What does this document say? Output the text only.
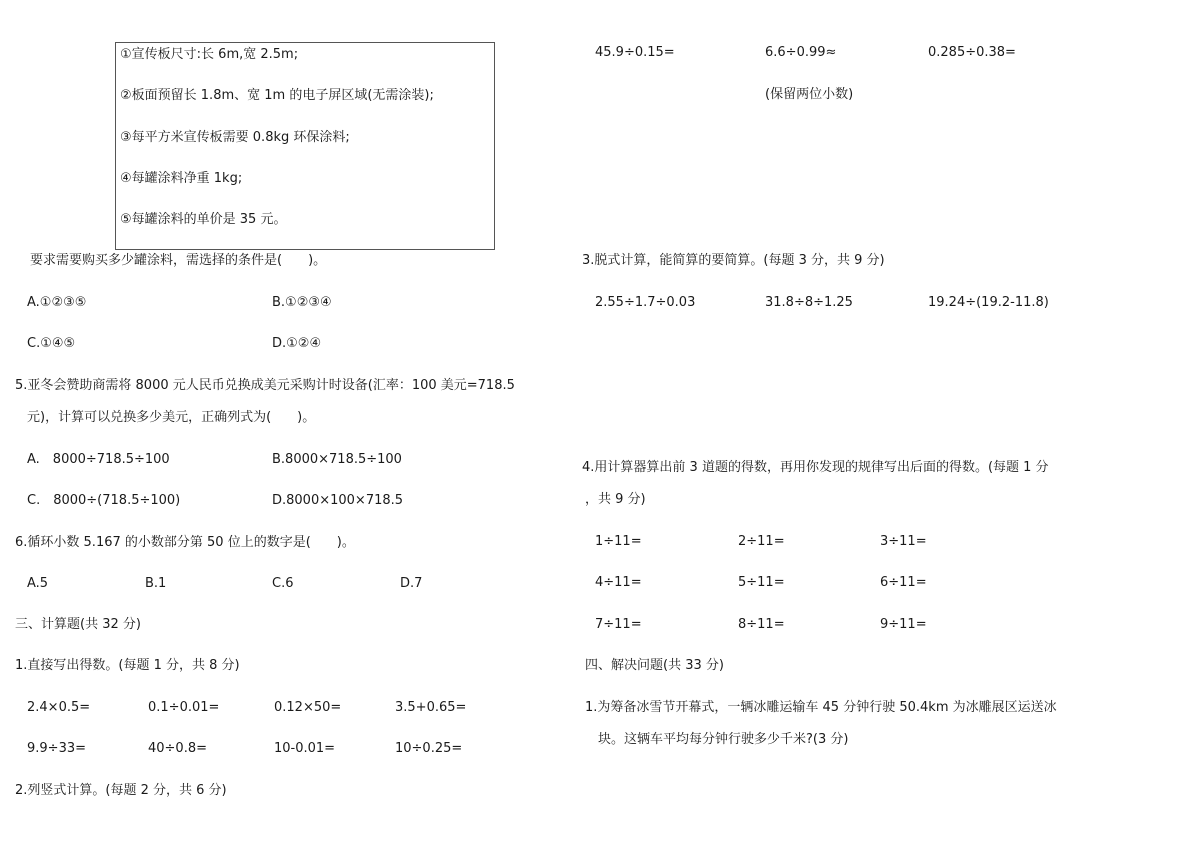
①宣传板尺寸:长 6m,宽 2.5m;
②板面预留长 1.8m、宽 1m 的电子屏区域(无需涂装);
③每平方米宣传板需要 0.8kg 环保涂料;
④每罐涂料净重 1kg;
⑤每罐涂料的单价是 35 元。
要求需要购买多少罐涂料，需选择的条件是(　　)。
A.①②③⑤	B.①②③④
C.①④⑤	D.①②④
5.亚冬会赞助商需将 8000 元人民币兑换成美元采购计时设备(汇率：100 美元=718.5
元)，计算可以兑换多少美元，正确列式为(　　)。
A.　8000÷718.5÷100	B.8000×718.5÷100
C.　8000÷(718.5÷100)	D.8000×100×718.5
6.循环小数 5.167 的小数部分第 50 位上的数字是(　　)。
A.5	B.1	C.6	D.7
三、计算题(共 32 分)
1.直接写出得数。(每题 1 分，共 8 分)
2.4×0.5=	0.1÷0.01=	0.12×50=	3.5+0.65=
9.9÷33=	40÷0.8=	10-0.01=	10÷0.25=
2.列竖式计算。(每题 2 分，共 6 分)
45.9÷0.15=	6.6÷0.99≈	0.285÷0.38=
(保留两位小数)
3.脱式计算，能简算的要简算。(每题 3 分，共 9 分)
2.55÷1.7÷0.03	31.8÷8÷1.25	19.24÷(19.2-11.8)
4.用计算器算出前 3 道题的得数，再用你发现的规律写出后面的得数。(每题 1 分
，共 9 分)
1÷11=	2÷11=	3÷11=
4÷11=	5÷11=	6÷11=
7÷11=	8÷11=	9÷11=
四、解决问题(共 33 分)
1.为筹备冰雪节开幕式，一辆冰雕运输车 45 分钟行驶 50.4km 为冰雕展区运送冰
块。这辆车平均每分钟行驶多少千米?(3 分)
